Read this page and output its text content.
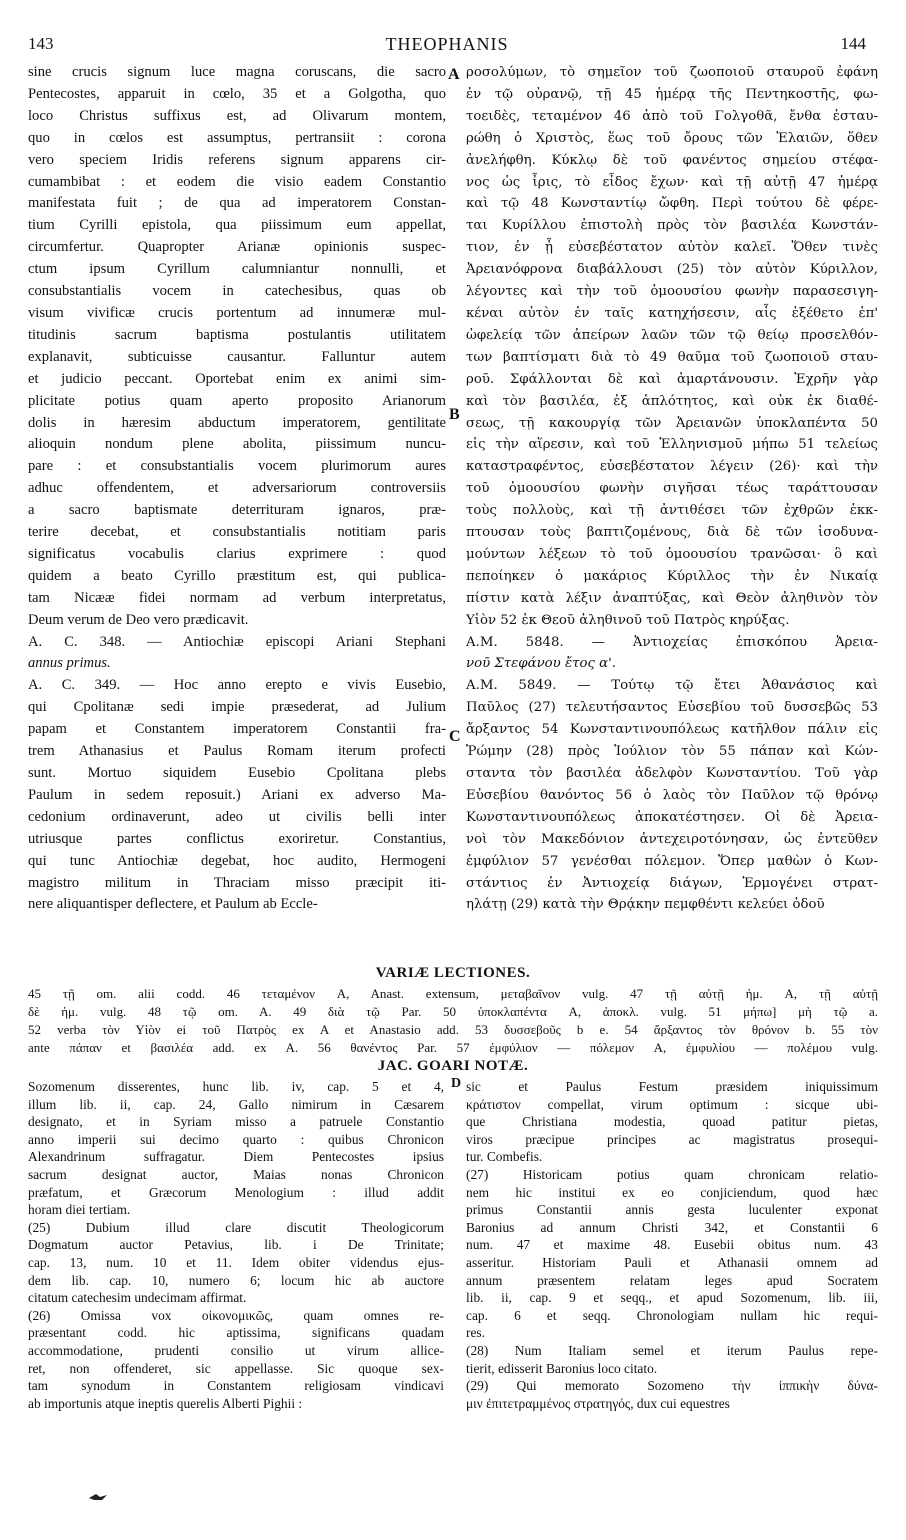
143	THEOPHANIS	144
sine crucis signum luce magna coruscans, die sacro
Pentecostes, apparuit in cœlo, 35 et a Golgotha, quo
loco Christus suffixus est, ad Olivarum montem,
quo in cœlos est assumptus, pertransiit : corona
vero speciem Iridis referens signum apparens cir-
cumambibat : et eodem die visio eadem Constantio
manifestata fuit ; de qua ad imperatorem Constan-
tium Cyrilli epistola, qua piissimum eum appellat,
circumfertur. Quapropter Arianæ opinionis suspec-
ctum ipsum Cyrillum calumniantur nonnulli, et
consubstantialis vocem in catechesibus, quas ob
visum vivificæ crucis portentum ad innumeræ mul-
titudinis sacrum baptisma postulantis utilitatem
explanavit, subticuisse causantur. Falluntur autem
et judicio peccant. Oportebat enim ex animi sim-
plicitate potius quam aperto proposito Arianorum
dolis in hæresim abductum imperatorem, gentilitate
alioquin nondum plene abolita, piissimum nuncu-
pare : et consubstantialis vocem plurimorum aures
adhuc offendentem, et adversariorum controversiis
a sacro baptismate deterrituram ignaros, præ-
terire decebat, et consubstantialis notitiam paris
significatus vocabulis clarius exprimere : quod
quidem a beato Cyrillo præstitum est, qui publica-
tam Nicææ fidei normam ad verbum interpretatus,
Deum verum de Deo vero prædicavit.
A. C. 348. — Antiochiæ episcopi Ariani Stephani
annus primus.
A. C. 349. — Hoc anno erepto e vivis Eusebio,
qui Cpolitanæ sedi impie præsederat, ad Julium
papam et Constantem imperatorem Constantii fra-
trem Athanasius et Paulus Romam iterum profecti
sunt. Mortuo siquidem Eusebio Cpolitana plebs
Paulum in sedem reposuit.) Ariani ex adverso Ma-
cedonium ordinaverunt, adeo ut civilis belli inter
utriusque partes conflictus exoriretur. Constantius,
qui tunc Antiochiæ degebat, hoc audito, Hermogeni
magistro militum in Thraciam misso præcipit iti-
nere aliquantisper deflectere, et Paulum ab Eccle-
A
B
C
ροσολύμων, τὸ σημεῖον τοῦ ζωοποιοῦ σταυροῦ ἐφάνη
ἐν τῷ οὐρανῷ, τῇ 45 ἡμέρᾳ τῆς Πεντηκοστῆς, φω-
τοειδὲς, τεταμένον 46 ἀπὸ τοῦ Γολγοθᾶ, ἔνθα ἐσταυ-
ρώθη ὁ Χριστὸς, ἕως τοῦ ὄρους τῶν Ἐλαιῶν, ὅθεν
ἀνελήφθη. Κύκλῳ δὲ τοῦ φανέντος σημείου στέφα-
νος ὡς ἶρις, τὸ εἶδος ἔχων· καὶ τῇ αὐτῇ 47 ἡμέρᾳ
καὶ τῷ 48 Κωνσταντίῳ ὤφθη. Περὶ τούτου δὲ φέρε-
ται Κυρίλλου ἐπιστολὴ πρὸς τὸν βασιλέα Κωνστάν-
τιον, ἐν ᾗ εὐσεβέστατον αὐτὸν καλεῖ. Ὅθεν τινὲς
Ἀρειανόφρονα διαβάλλουσι (25) τὸν αὐτὸν Κύριλλον,
λέγοντες καὶ τὴν τοῦ ὁμοουσίου φωνὴν παρασεσιγη-
κέναι αὐτὸν ἐν ταῖς κατηχήσεσιν, αἷς ἐξέθετο ἐπ'
ὠφελείᾳ τῶν ἀπείρων λαῶν τῶν τῷ θείῳ προσελθόν-
των βαπτίσματι διὰ τὸ 49 θαῦμα τοῦ ζωοποιοῦ σταυ-
ροῦ. Σφάλλονται δὲ καὶ ἁμαρτάνουσιν. Ἐχρῆν γὰρ
καὶ τὸν βασιλέα, ἐξ ἁπλότητος, καὶ οὐκ ἐκ διαθέ-
σεως, τῇ κακουργίᾳ τῶν Ἀρειανῶν ὑποκλαπέντα 50
εἰς τὴν αἵρεσιν, καὶ τοῦ Ἑλληνισμοῦ μήπω 51 τελείως
καταστραφέντος, εὐσεβέστατον λέγειν (26)· καὶ τὴν
τοῦ ὁμοουσίου φωνὴν σιγῆσαι τέως ταράττουσαν
τοὺς πολλοὺς, καὶ τῇ ἀντιθέσει τῶν ἐχθρῶν ἐκκ-
πτουσαν τοὺς βαπτιζομένους, διὰ δὲ τῶν ἰσοδυνα-
μούντων λέξεων τὸ τοῦ ὁμοουσίου τρανῶσαι· ὃ καὶ
πεποίηκεν ὁ μακάριος Κύριλλος τὴν ἐν Νικαίᾳ
πίστιν κατὰ λέξιν ἀναπτύξας, καὶ Θεὸν ἀληθινὸν τὸν
Υἱὸν 52 ἐκ Θεοῦ ἀληθινοῦ τοῦ Πατρὸς κηρύξας.
A.M. 5848. — Ἀντιοχείας ἐπισκόπου Ἀρεια-
νοῦ Στεφάνου ἔτος α'.
A.M. 5849. — Τούτῳ τῷ ἔτει Ἀθανάσιος καὶ
Παῦλος (27) τελευτήσαντος Εὐσεβίου τοῦ δυσσεβῶς 53
ἄρξαντος 54 Κωνσταντινουπόλεως κατῆλθον πάλιν εἰς
Ῥώμην (28) πρὸς Ἰούλιον τὸν 55 πάπαν καὶ Κών-
σταντα τὸν βασιλέα ἀδελφὸν Κωνσταντίου. Τοῦ γὰρ
Εὐσεβίου θανόντος 56 ὁ λαὸς τὸν Παῦλον τῷ θρόνῳ
Κωνσταντινουπόλεως ἀποκατέστησεν. Οἱ δὲ Ἀρεια-
νοὶ τὸν Μακεδόνιον ἀντεχειροτόνησαν, ὡς ἐντεῦθεν
ἐμφύλιον 57 γενέσθαι πόλεμον. Ὅπερ μαθὼν ὁ Κων-
στάντιος ἐν Ἀντιοχείᾳ διάγων, Ἑρμογένει στρατ-
ηλάτῃ (29) κατὰ τὴν Θρᾴκην πεμφθέντι κελεύει ὁδοῦ
VARIÆ LECTIONES.
45 τῇ om. alii codd. 46 τεταμένον A, Anast. extensum, μεταβαῖνον vulg. 47 τῇ αὐτῇ ἡμ. A, τῇ αὐτῇ
δὲ ἡμ. vulg. 48 τῷ om. A. 49 διὰ τῷ Par. 50 ὑποκλαπέντα A, ἀποκλ. vulg. 51 μήπω] μὴ τῷ a.
52 verba τὸν Υἱὸν ei τοῦ Πατρὸς ex A et Anastasio add. 53 δυσσεβοῦς b e. 54 ἄρξαντος τὸν θρόνον b. 55 τὸν
ante πάπαν et βασιλέα add. ex A. 56 θανέντος Par. 57 ἐμφύλιον — πόλεμον A, ἐμφυλίου — πολέμου vulg.
JAC. GOARI NOTÆ.
Sozomenum disserentes, hunc lib. iv, cap. 5 et 4,
illum lib. ii, cap. 24, Gallo nimirum in Cæsarem
designato, et in Syriam misso a patruele Constantio
anno imperii sui decimo quarto : quibus Chronicon
Alexandrinum suffragatur. Diem Pentecostes ipsius
sacrum designat auctor, Maias nonas Chronicon
præfatum, et Græcorum Menologium : illud addit
horam diei tertiam.
(25) Dubium illud clare discutit Theologicorum
Dogmatum auctor Petavius, lib. i De Trinitate;
cap. 13, num. 10 et 11. Idem obiter videndus ejus-
dem lib. cap. 10, numero 6; locum hic ab auctore
citatum catechesim undecimam affirmat.
(26) Omissa vox οἰκονομικῶς, quam omnes re-
præsentant codd. hic aptissima, significans quadam
accommodatione, prudenti consilio ut virum allice-
ret, non offenderet, sic appellasse. Sic quoque sex-
tam synodum in Constantem religiosam vindicavi
ab importunis atque ineptis querelis Alberti Pighii :
D sic et Paulus Festum præsidem iniquissimum
κράτιστον compellat, virum optimum : sicque ubi-
que Christiana modestia, quoad patitur pietas,
viros præcipue principes ac magistratus prosequi-
tur. Combefis.
(27) Historicam potius quam chronicam relatio-
nem hic institui ex eo conjiciendum, quod hæc
primus Constantii annis gesta luculenter exponat
Baronius ad annum Christi 342, et Constantii 6
num. 47 et maxime 48. Eusebii obitus num. 43
asseritur. Historiam Pauli et Athanasii omnem ad
annum præsentem relatam leges apud Socratem
lib. ii, cap. 9 et seqq., et apud Sozomenum, lib. iii,
cap. 6 et seqq. Chronologiam nullam hic requi-
res.
(28) Num Italiam semel et iterum Paulus repe-
tierit, edisserit Baronius loco citato.
(29) Qui memorato Sozomeno τὴν ἱππικὴν δύνα-
μιν ἐπιτετραμμένος στρατηγός, dux cui equestres
